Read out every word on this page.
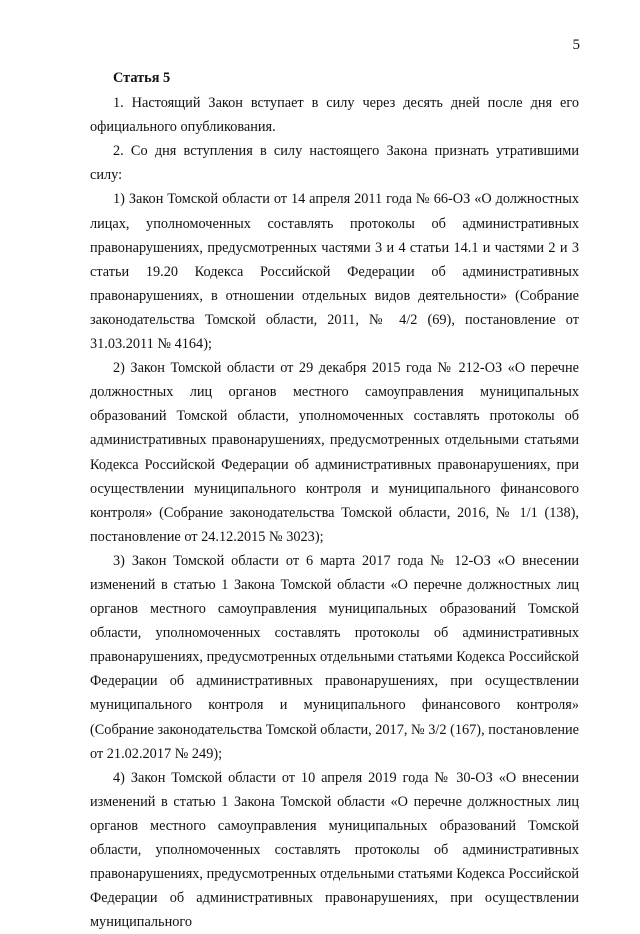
5
Статья 5

1. Настоящий Закон вступает в силу через десять дней после дня его официального опубликования.

2. Со дня вступления в силу настоящего Закона признать утратившими силу:

1) Закон Томской области от 14 апреля 2011 года № 66-ОЗ «О должностных лицах, уполномоченных составлять протоколы об административных правонарушениях, предусмотренных частями 3 и 4 статьи 14.1 и частями 2 и 3 статьи 19.20 Кодекса Российской Федерации об административных правонарушениях, в отношении отдельных видов деятельности» (Собрание законодательства Томской области, 2011, № 4/2 (69), постановление от 31.03.2011 № 4164);

2) Закон Томской области от 29 декабря 2015 года № 212-ОЗ «О перечне должностных лиц органов местного самоуправления муниципальных образований Томской области, уполномоченных составлять протоколы об административных правонарушениях, предусмотренных отдельными статьями Кодекса Российской Федерации об административных правонарушениях, при осуществлении муниципального контроля и муниципального финансового контроля» (Собрание законодательства Томской области, 2016, № 1/1 (138), постановление от 24.12.2015 № 3023);

3) Закон Томской области от 6 марта 2017 года № 12-ОЗ «О внесении изменений в статью 1 Закона Томской области «О перечне должностных лиц органов местного самоуправления муниципальных образований Томской области, уполномоченных составлять протоколы об административных правонарушениях, предусмотренных отдельными статьями Кодекса Российской Федерации об административных правонарушениях, при осуществлении муниципального контроля и муниципального финансового контроля» (Собрание законодательства Томской области, 2017, № 3/2 (167), постановление от 21.02.2017 № 249);

4) Закон Томской области от 10 апреля 2019 года № 30-ОЗ «О внесении изменений в статью 1 Закона Томской области «О перечне должностных лиц органов местного самоуправления муниципальных образований Томской области, уполномоченных составлять протоколы об административных правонарушениях, предусмотренных отдельными статьями Кодекса Российской Федерации об административных правонарушениях, при осуществлении муниципального
